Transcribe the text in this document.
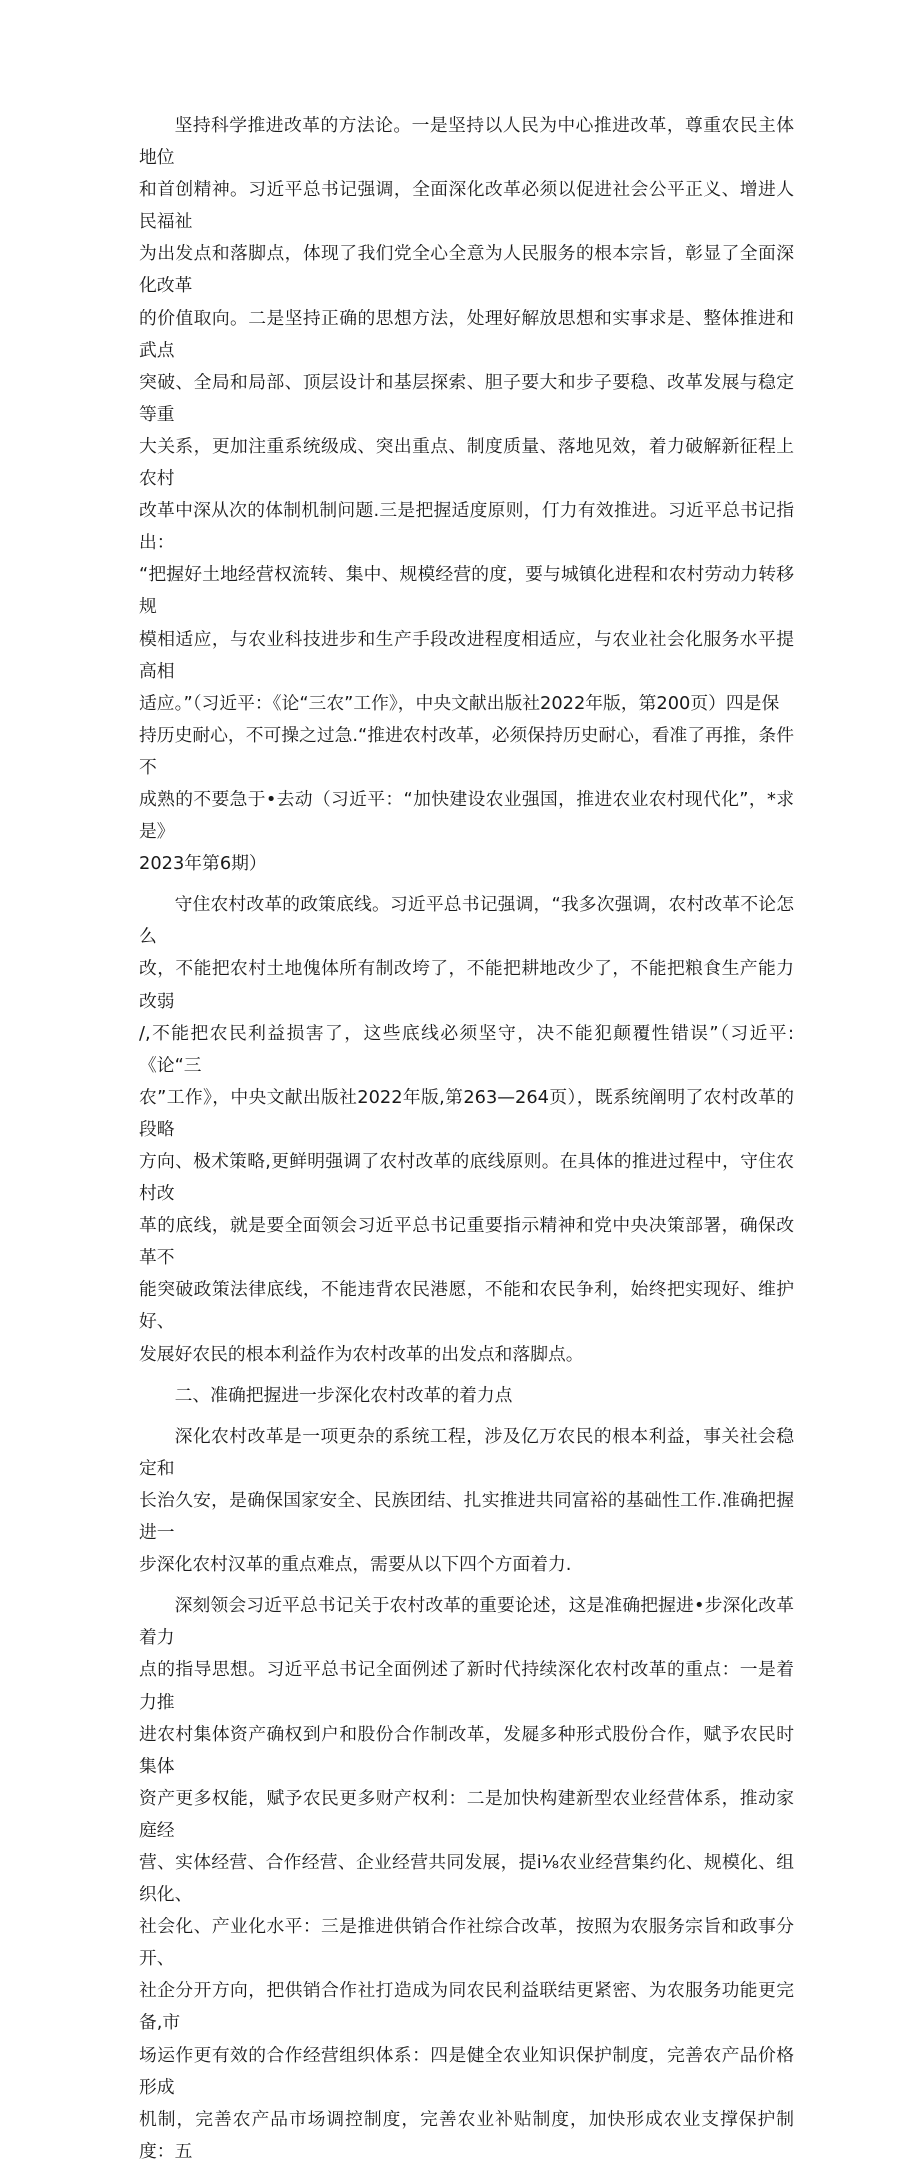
坚持科学推进改革的方法论。一是坚持以人民为中心推进改革，尊重农民主体地位
和首创精神。习近平总书记强调，全面深化改革必须以促进社会公平正义、增进人民福祉
为出发点和落脚点，体现了我们党全心全意为人民服务的根本宗旨，彰显了全面深化改革
的价值取向。二是坚持正确的思想方法，处理好解放思想和实事求是、整体推进和武点
突破、全局和局部、顶层设计和基层探索、胆子要大和步子要稳、改革发展与稳定等重
大关系，更加注重系统级成、突出重点、制度质量、落地见效，着力破解新征程上农村
改革中深从次的体制机制问题.三是把握适度原则，仃力有效推进。习近平总书记指出：
“把握好土地经营权流转、集中、规模经营的度，要与城镇化进程和农村劳动力转移规
模相适应，与农业科技进步和生产手段改进程度相适应，与农业社会化服务水平提高相
适应。”（习近平：《论“三农”工作》，中央文献出版社2022年版，第200页）四是保
持历史耐心，不可操之过急.“推进农村改革，必须保持历史耐心，看准了再推，条件不
成熟的不要急于•去动（习近平：“加快建设农业强国，推进农业农村现代化”，*求是》
2023年第6期）

守住农村改革的政策底线。习近平总书记强调，“我多次强调，农村改革不论怎么
改，不能把农村土地傀体所有制改垮了，不能把耕地改少了，不能把粮食生产能力改弱
/,不能把农民利益损害了，这些底线必须坚守，决不能犯颠覆性错误”（习近平:《论“三
农”工作》，中央文献出版社2022年版,第263—264页），既系统阐明了农村改革的段略
方向、极术策略,更鲜明强调了农村改革的底线原则。在具体的推进过程中，守住农村改
革的底线，就是要全面领会习近平总书记重要指示精神和党中央决策部署，确保改革不
能突破政策法律底线，不能违背农民港愿，不能和农民争利，始终把实现好、维护好、
发展好农民的根本利益作为农村改革的出发点和落脚点。

二、准确把握进一步深化农村改革的着力点

深化农村改革是一项更杂的系统工程，涉及亿万农民的根本利益，事关社会稳定和
长治久安，是确保国家安全、民族团结、扎实推进共同富裕的基础性工作.准确把握进一
步深化农村汉革的重点难点，需要从以下四个方面着力.

深刻领会习近平总书记关于农村改革的重要论述，这是准确把握进•步深化改革着力
点的指导思想。习近平总书记全面例述了新时代持续深化农村改革的重点：一是着力推
进农村集体资产确权到户和股份合作制改革，发屣多种形式股份合作，赋予农民时集体
资产更多权能，赋予农民更多财产权利：二是加快构建新型农业经营体系，推动家庭经
营、实体经营、合作经营、企业经营共同发展，提i⅛农业经营集约化、规模化、组织化、
社会化、产业化水平：三是推进供销合作社综合改革，按照为农服务宗旨和政事分开、
社企分开方向，把供销合作社打造成为同农民利益联结更紧密、为农服务功能更完备,市
场运作更有效的合作经营组织体系：四是健全农业知识保护制度，完善农产品价格形成
机制，完善农产品市场调控制度，完善农业补贴制度，加快形成农业支撑保护制度：五
